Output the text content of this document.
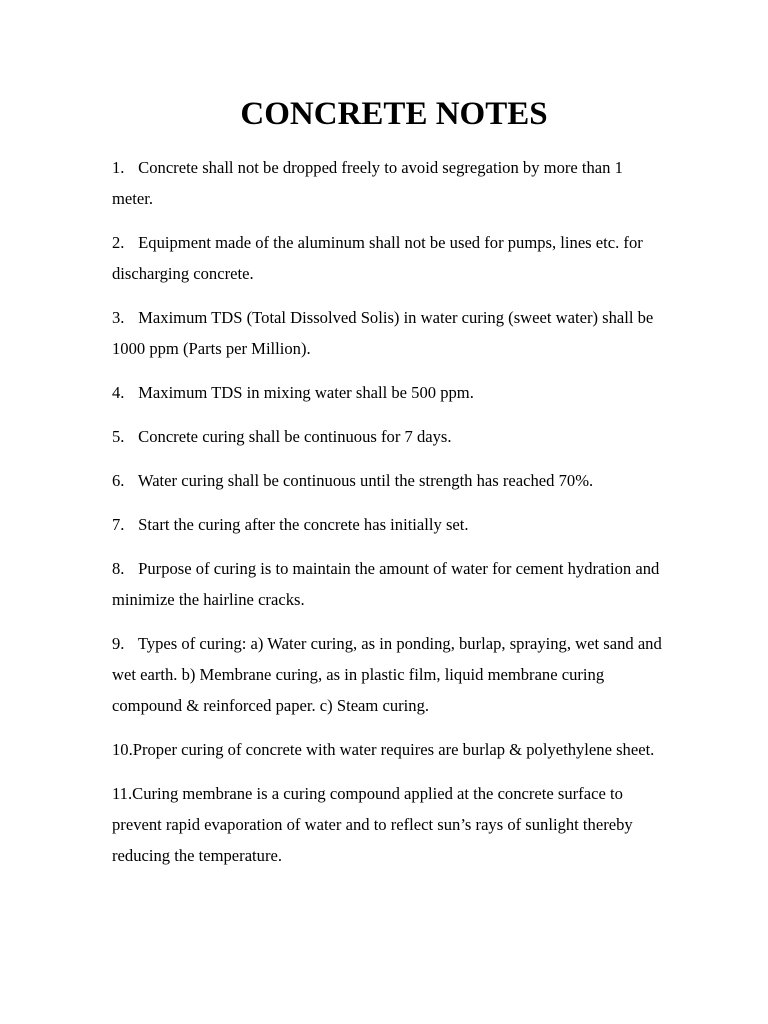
CONCRETE NOTES
1. Concrete shall not be dropped freely to avoid segregation by more than 1 meter.
2. Equipment made of the aluminum shall not be used for pumps, lines etc. for discharging concrete.
3. Maximum TDS (Total Dissolved Solis) in water curing (sweet water) shall be 1000 ppm (Parts per Million).
4. Maximum TDS in mixing water shall be 500 ppm.
5. Concrete curing shall be continuous for 7 days.
6. Water curing shall be continuous until the strength has reached 70%.
7. Start the curing after the concrete has initially set.
8. Purpose of curing is to maintain the amount of water for cement hydration and minimize the hairline cracks.
9. Types of curing: a) Water curing, as in ponding, burlap, spraying, wet sand and wet earth. b) Membrane curing, as in plastic film, liquid membrane curing compound & reinforced paper. c) Steam curing.
10.Proper curing of concrete with water requires are burlap & polyethylene sheet.
11.Curing membrane is a curing compound applied at the concrete surface to prevent rapid evaporation of water and to reflect sun’s rays of sunlight thereby reducing the temperature.
